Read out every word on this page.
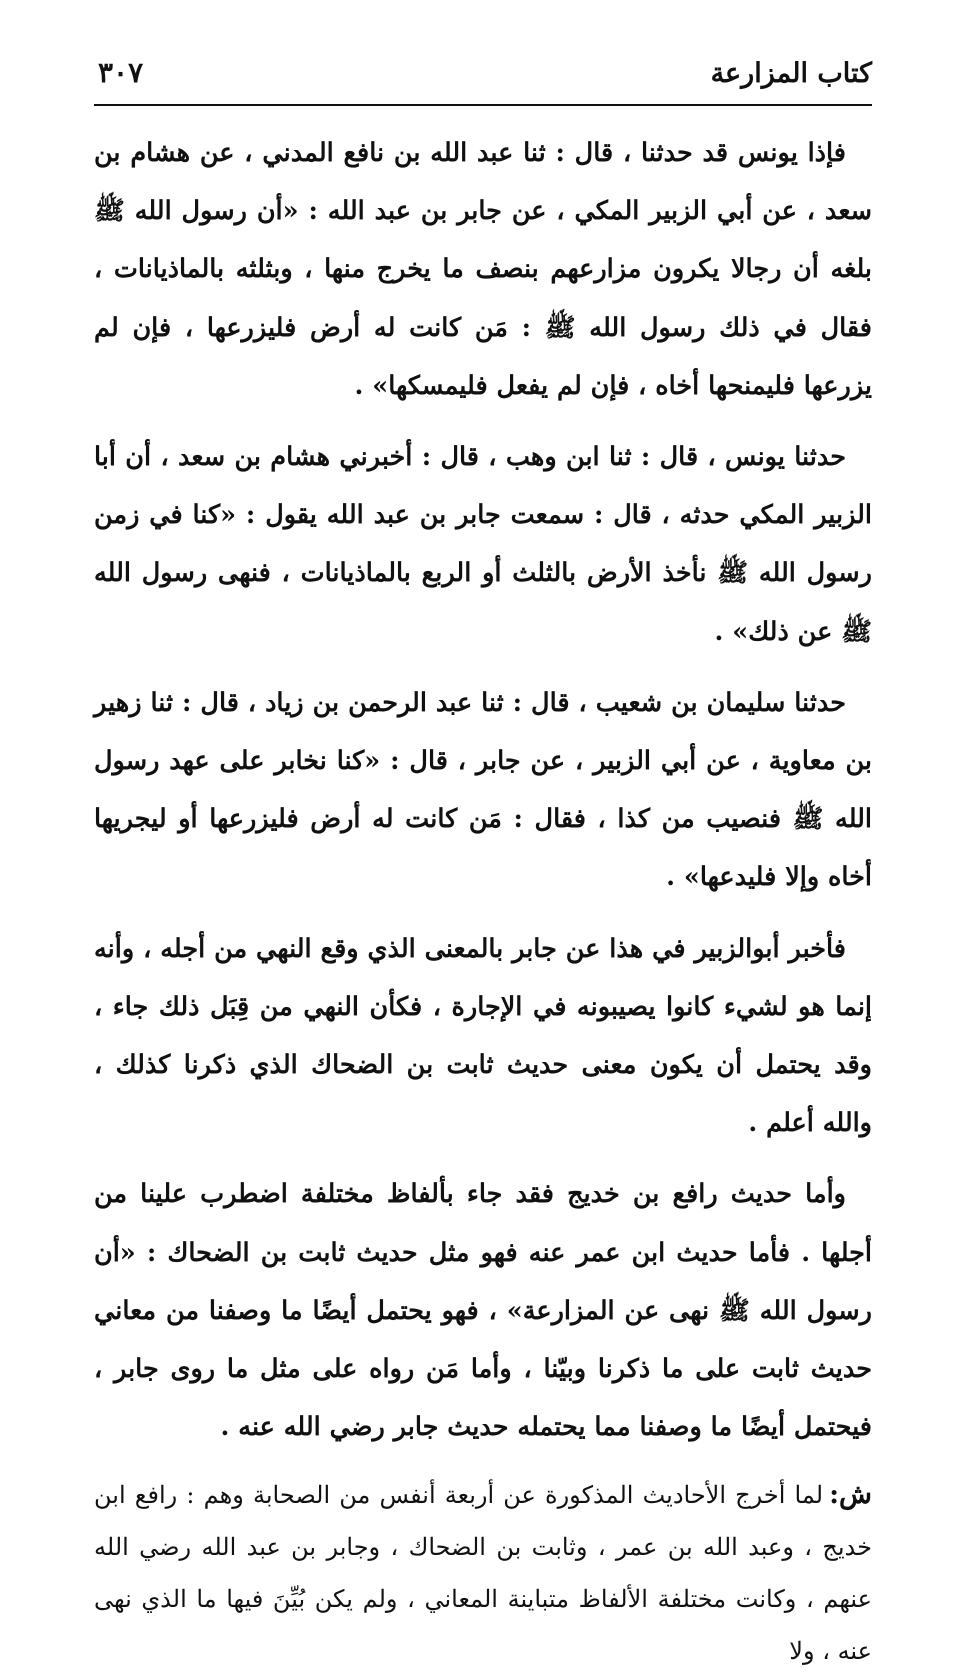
كتاب المزارعة
٣٠٧

فإذا يونس قد حدثنا ، قال : ثنا عبد الله بن نافع المدني ، عن هشام بن سعد ، عن أبي الزبير المكي ، عن جابر بن عبد الله : «أن رسول الله ﷺ بلغه أن رجالا يكرون مزارعهم بنصف ما يخرج منها ، وبثلثه بالماذيانات ، فقال في ذلك رسول الله ﷺ : مَن كانت له أرض فليزرعها ، فإن لم يزرعها فليمنحها أخاه ، فإن لم يفعل فليمسكها» .

حدثنا يونس ، قال : ثنا ابن وهب ، قال : أخبرني هشام بن سعد ، أن أبا الزبير المكي حدثه ، قال : سمعت جابر بن عبد الله يقول : «كنا في زمن رسول الله ﷺ نأخذ الأرض بالثلث أو الربع بالماذيانات ، فنهى رسول الله ﷺ عن ذلك» .

حدثنا سليمان بن شعيب ، قال : ثنا عبد الرحمن بن زياد ، قال : ثنا زهير بن معاوية ، عن أبي الزبير ، عن جابر ، قال : «كنا نخابر على عهد رسول الله ﷺ فنصيب من كذا ، فقال : مَن كانت له أرض فليزرعها أو ليجريها أخاه وإلا فليدعها» .

فأخبر أبوالزبير في هذا عن جابر بالمعنى الذي وقع النهي من أجله ، وأنه إنما هو لشيء كانوا يصيبونه في الإجارة ، فكأن النهي من قِبَل ذلك جاء ، وقد يحتمل أن يكون معنى حديث ثابت بن الضحاك الذي ذكرنا كذلك ، والله أعلم .

وأما حديث رافع بن خديج فقد جاء بألفاظ مختلفة اضطرب علينا من أجلها . فأما حديث ابن عمر عنه فهو مثل حديث ثابت بن الضحاك : «أن رسول الله ﷺ نهى عن المزارعة» ، فهو يحتمل أيضًا ما وصفنا من معاني حديث ثابت على ما ذكرنا وبيّنا ، وأما مَن رواه على مثل ما روى جابر ، فيحتمل أيضًا ما وصفنا مما يحتمله حديث جابر رضي الله عنه .

ش:لما أخرج الأحاديث المذكورة عن أربعة أنفس من الصحابة وهم : رافع ابن خديج ، وعبد الله بن عمر ، وثابت بن الضحاك ، وجابر بن عبد الله رضي الله عنهم ، وكانت مختلفة الألفاظ متباينة المعاني ، ولم يكن بُيِّنَ فيها ما الذي نهى عنه ، ولا
